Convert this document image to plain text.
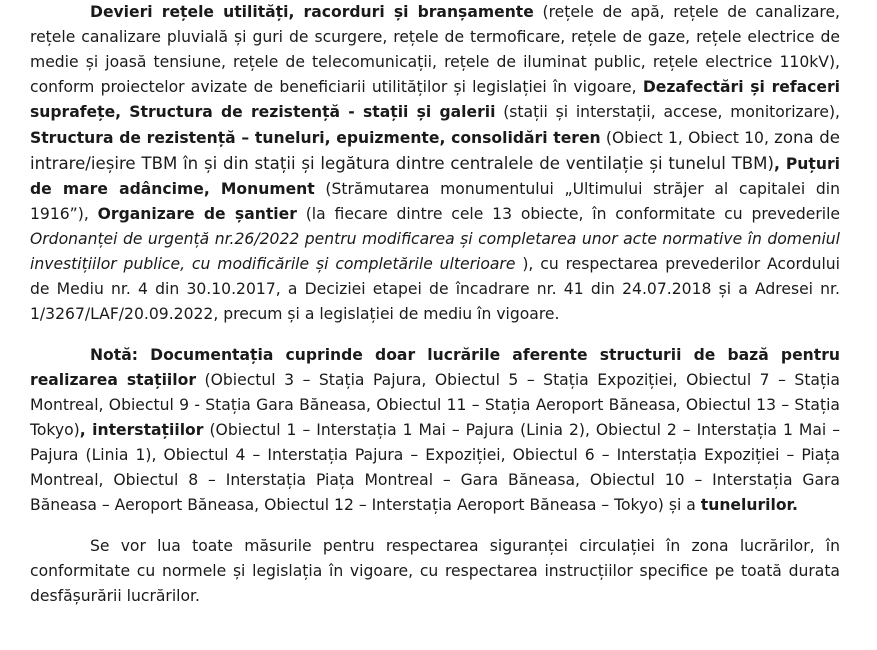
Devieri rețele utilități, racorduri și branșamente (rețele de apă, rețele de canalizare, rețele canalizare pluvială și guri de scurgere, rețele de termoficare, rețele de gaze, rețele electrice de medie și joasă tensiune, rețele de telecomunicații, rețele de iluminat public, rețele electrice 110kV), conform proiectelor avizate de beneficiarii utilităților și legislației în vigoare, Dezafectări și refaceri suprafețe, Structura de rezistență - stații și galerii (stații și interstații, accese, monitorizare), Structura de rezistență – tuneluri, epuizmente, consolidări teren (Obiect 1, Obiect 10, zona de intrare/ieșire TBM în și din stații și legătura dintre centralele de ventilație și tunelul TBM), Puțuri de mare adâncime, Monument (Strămutarea monumentului „Ultimului străjer al capitalei din 1916”), Organizare de șantier (la fiecare dintre cele 13 obiecte, în conformitate cu prevederile Ordonanței de urgență nr.26/2022 pentru modificarea și completarea unor acte normative în domeniul investițiilor publice, cu modificările și completările ulterioare ), cu respectarea prevederilor Acordului de Mediu nr. 4 din 30.10.2017, a Deciziei etapei de încadrare nr. 41 din 24.07.2018 și a Adresei nr. 1/3267/LAF/20.09.2022, precum și a legislației de mediu în vigoare.

Notă: Documentația cuprinde doar lucrările aferente structurii de bază pentru realizarea stațiilor (Obiectul 3 – Stația Pajura, Obiectul 5 – Stația Expoziției, Obiectul 7 – Stația Montreal, Obiectul 9 - Stația Gara Băneasa, Obiectul 11 – Stația Aeroport Băneasa, Obiectul 13 – Stația Tokyo), interstațiilor (Obiectul 1 – Interstația 1 Mai – Pajura (Linia 2), Obiectul 2 – Interstația 1 Mai – Pajura (Linia 1), Obiectul 4 – Interstația Pajura – Expoziției, Obiectul 6 – Interstația Expoziției – Piața Montreal, Obiectul 8 – Interstația Piața Montreal – Gara Băneasa, Obiectul 10 – Interstația Gara Băneasa – Aeroport Băneasa, Obiectul 12 – Interstația Aeroport Băneasa – Tokyo) și a tunelurilor.

Se vor lua toate măsurile pentru respectarea siguranței circulației în zona lucrărilor, în conformitate cu normele și legislația în vigoare, cu respectarea instrucțiilor specifice pe toată durata desfășurării lucrărilor.
